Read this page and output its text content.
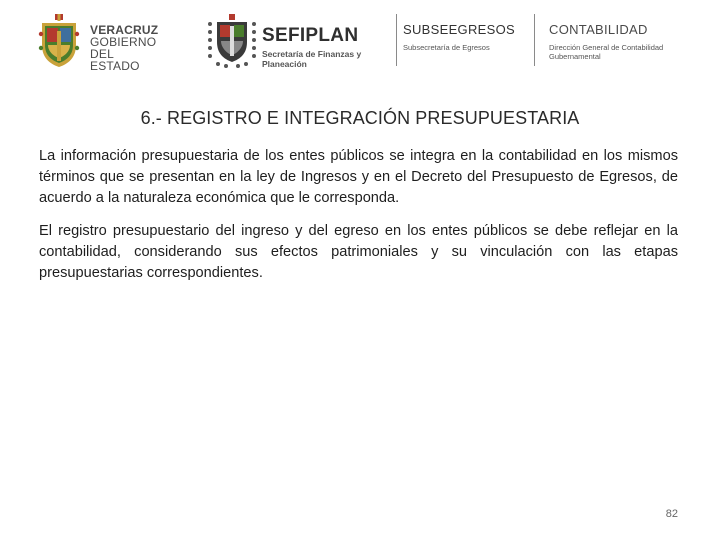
VERACRUZ
GOBIERNO
DEL ESTADO
SEFIPLAN
Secretaría de Finanzas y Planeación
SUBSEEGRESOS
Subsecretaría de Egresos
CONTABILIDAD
Dirección General de Contabilidad Gubernamental
6.- REGISTRO E INTEGRACIÓN PRESUPUESTARIA

La información presupuestaria de los entes públicos se integra en la contabilidad en los mismos términos que se presentan en la ley de Ingresos y en el Decreto del Presupuesto de Egresos, de acuerdo a la naturaleza económica que le corresponda.

El registro presupuestario del ingreso y del egreso en los entes públicos se debe reflejar en la contabilidad, considerando sus efectos patrimoniales y su vinculación con las etapas presupuestarias correspondientes.

82
